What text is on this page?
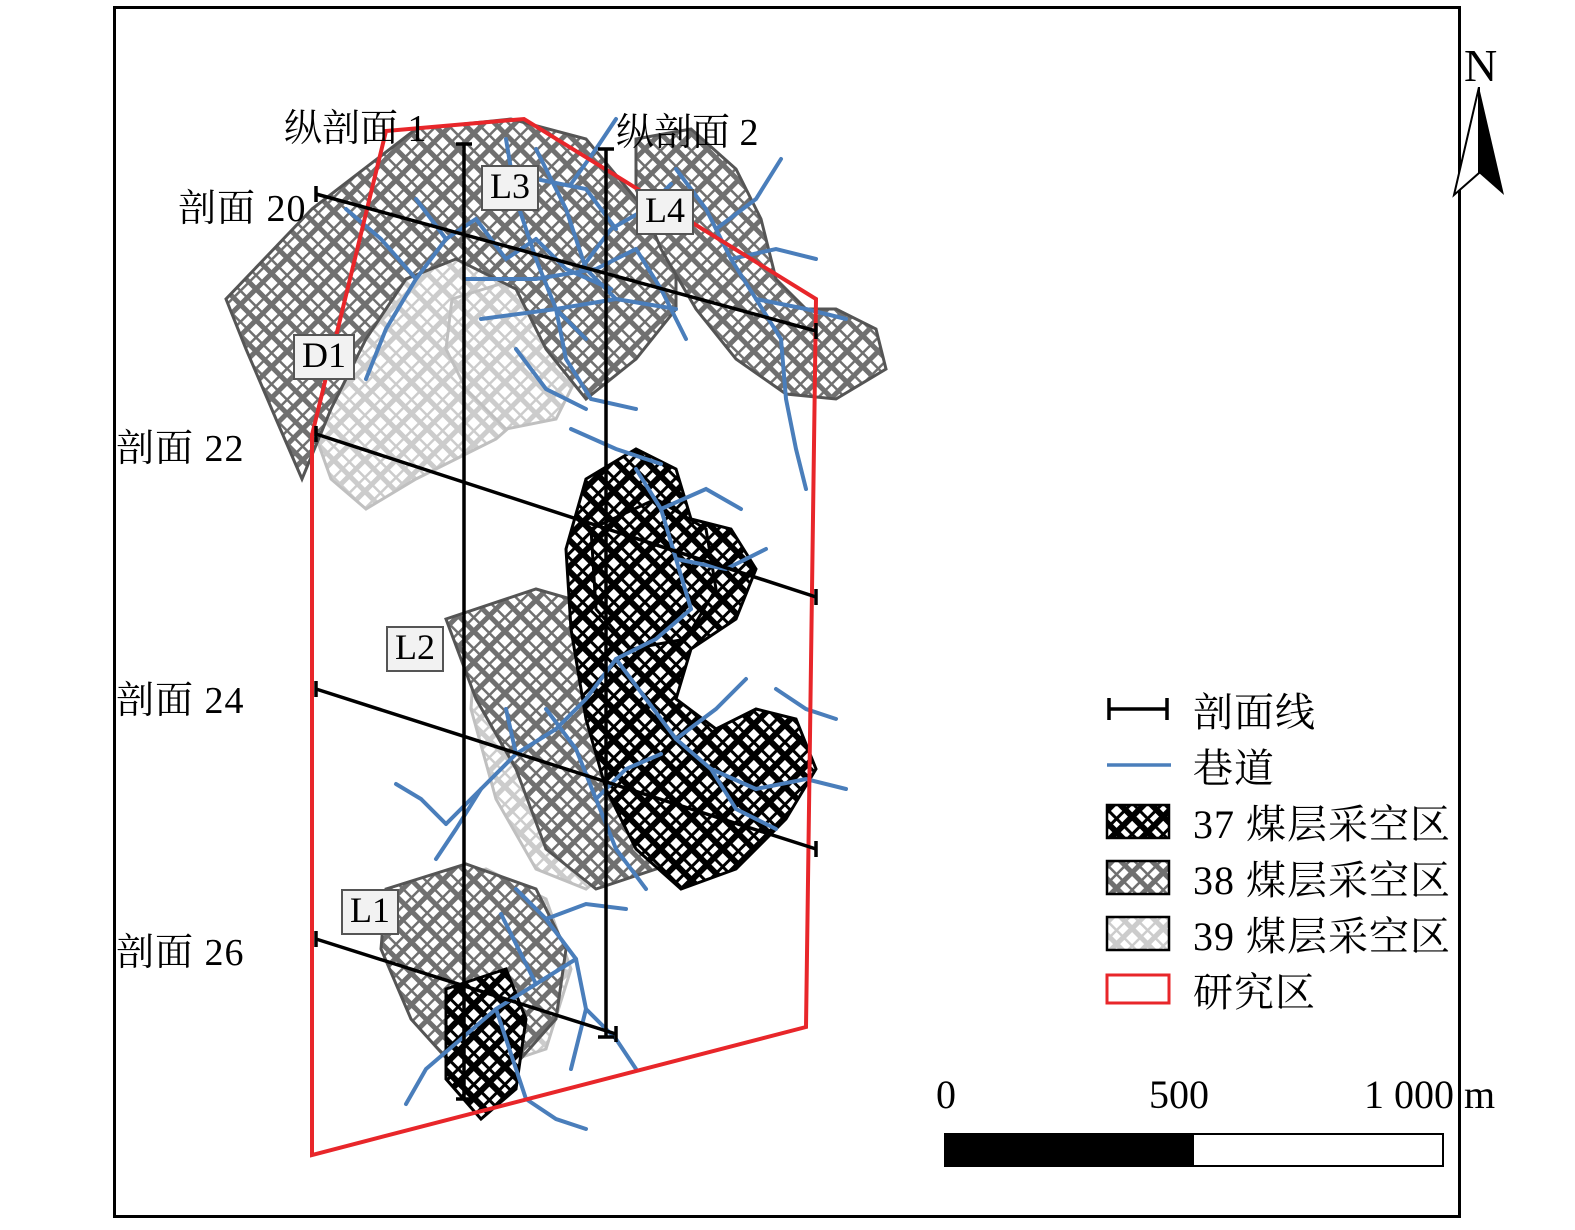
纵剖面 1	纵剖面 2
剖面 20
剖面 22
剖面 24
剖面 26
L3
L4
D1
L2
L1
N
剖面线
巷道
37 煤层采空区
38 煤层采空区
39 煤层采空区
研究区
0	500	1 000 m
